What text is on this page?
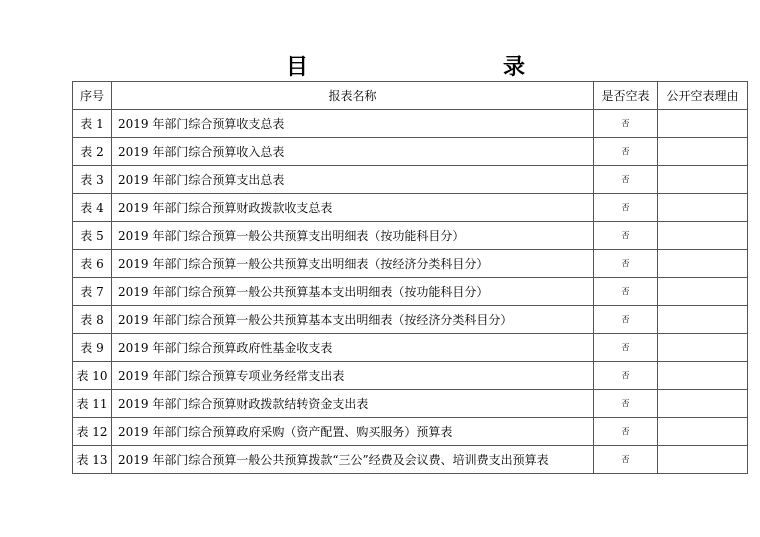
目	录
序号	报表名称	是否空表	公开空表理由
表 1	2019 年部门综合预算收支总表	否	
表 2	2019 年部门综合预算收入总表	否	
表 3	2019 年部门综合预算支出总表	否	
表 4	2019 年部门综合预算财政拨款收支总表	否	
表 5	2019 年部门综合预算一般公共预算支出明细表（按功能科目分）	否	
表 6	2019 年部门综合预算一般公共预算支出明细表（按经济分类科目分）	否	
表 7	2019 年部门综合预算一般公共预算基本支出明细表（按功能科目分）	否	
表 8	2019 年部门综合预算一般公共预算基本支出明细表（按经济分类科目分）	否	
表 9	2019 年部门综合预算政府性基金收支表	否	
表 10	2019 年部门综合预算专项业务经常支出表	否	
表 11	2019 年部门综合预算财政拨款结转资金支出表	否	
表 12	2019 年部门综合预算政府采购（资产配置、购买服务）预算表	否	
表 13	2019 年部门综合预算一般公共预算拨款“三公”经费及会议费、培训费支出预算表	否	
